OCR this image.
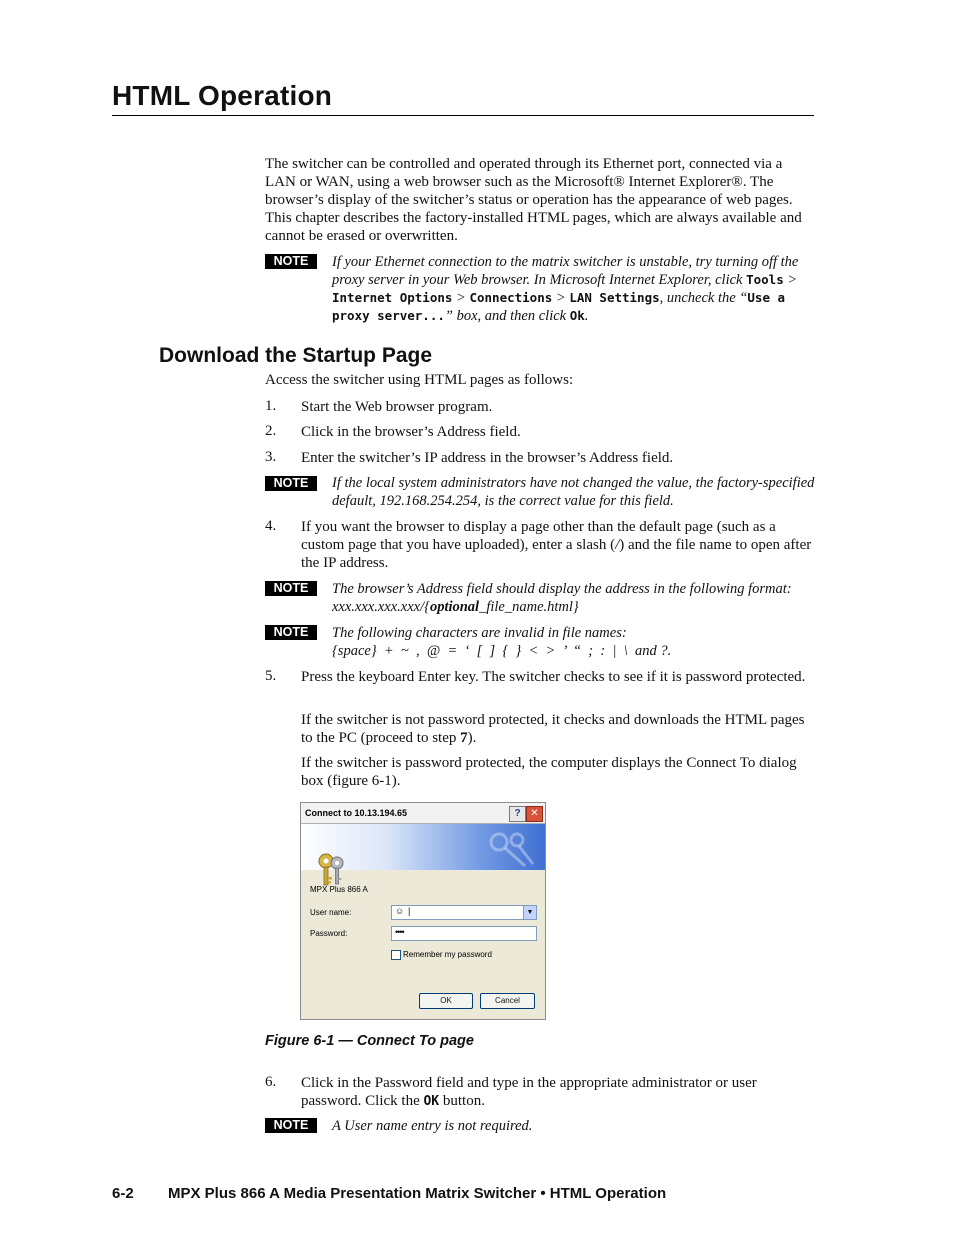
HTML Operation
The switcher can be controlled and operated through its Ethernet port, connected via a LAN or WAN, using a web browser such as the Microsoft® Internet Explorer®. The browser’s display of the switcher’s status or operation has the appearance of web pages. This chapter describes the factory-installed HTML pages, which are always available and cannot be erased or overwritten.
NOTE	If your Ethernet connection to the matrix switcher is unstable, try turning off the proxy server in your Web browser. In Microsoft Internet Explorer, click Tools > Internet Options > Connections > LAN Settings, uncheck the “Use a proxy server...” box, and then click Ok.
Download the Startup Page
Access the switcher using HTML pages as follows:
1.	Start the Web browser program.
2.	Click in the browser’s Address field.
3.	Enter the switcher’s IP address in the browser’s Address field.
NOTE	If the local system administrators have not changed the value, the factory-specified default, 192.168.254.254, is the correct value for this field.
4.	If you want the browser to display a page other than the default page (such as a custom page that you have uploaded), enter a slash (/) and the file name to open after the IP address.
NOTE	The browser’s Address field should display the address in the following format:
xxx.xxx.xxx.xxx/{optional_file_name.html}
NOTE	The following characters are invalid in file names:
{space}  +  ~  ,  @  =  ‘  [  ]  {  }  <  >  ’  “  ;  :  |  \  and ?.
5.	Press the keyboard Enter key. The switcher checks to see if it is password protected.
If the switcher is not password protected, it checks and downloads the HTML pages to the PC (proceed to step 7).
If the switcher is password protected, the computer displays the Connect To dialog box (figure 6-1).
Connect to 10.13.194.65	? ✕
MPX Plus 866 A
User name:	☺ |	▼
Password:	••••
Remember my password
OK	Cancel
Figure 6-1 — Connect To page
6.	Click in the Password field and type in the appropriate administrator or user password. Click the OK button.
NOTE	A User name entry is not required.
6-2 MPX Plus 866 A Media Presentation Matrix Switcher • HTML Operation
